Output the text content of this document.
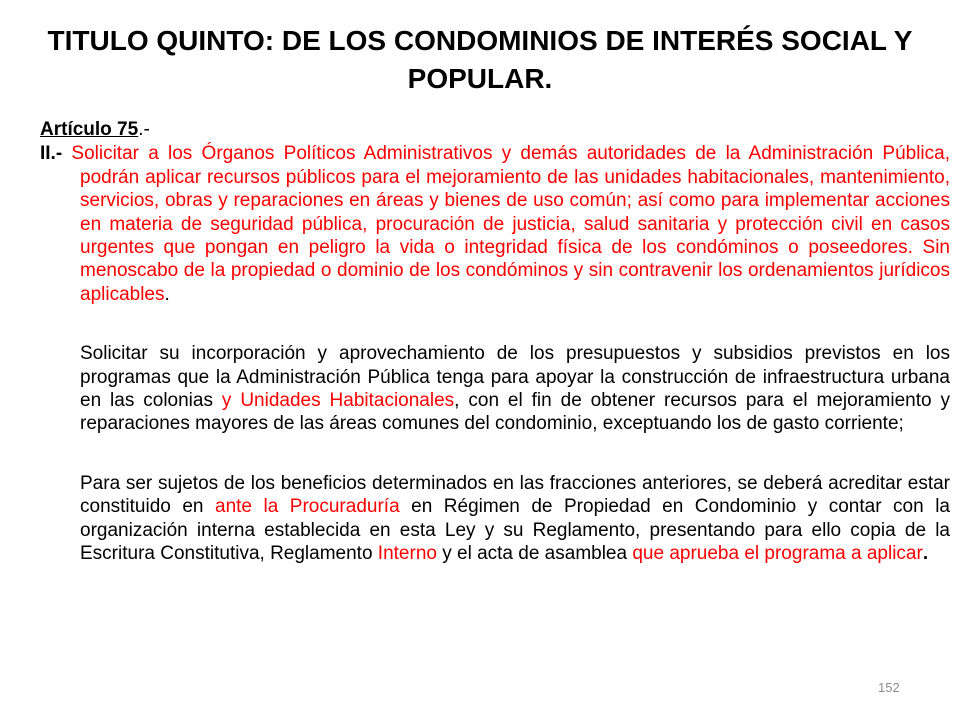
TITULO QUINTO: DE LOS CONDOMINIOS DE INTERÉS SOCIAL Y POPULAR.

Artículo 75.-

II.- Solicitar a los Órganos Políticos Administrativos y demás autoridades de la Administración Pública, podrán aplicar recursos públicos para el mejoramiento de las unidades habitacionales, mantenimiento, servicios, obras y reparaciones en áreas y bienes de uso común; así como para implementar acciones en materia de seguridad pública, procuración de justicia, salud sanitaria y protección civil en casos urgentes que pongan en peligro la vida o integridad física de los condóminos o poseedores. Sin menoscabo de la propiedad o dominio de los condóminos y sin contravenir los ordenamientos jurídicos aplicables.

Solicitar su incorporación y aprovechamiento de los presupuestos y subsidios previstos en los programas que la Administración Pública tenga para apoyar la construcción de infraestructura urbana en las colonias y Unidades Habitacionales, con el fin de obtener recursos para el mejoramiento y reparaciones mayores de las áreas comunes del condominio, exceptuando los de gasto corriente;

Para ser sujetos de los beneficios determinados en las fracciones anteriores, se deberá acreditar estar constituido en ante la Procuraduría en Régimen de Propiedad en Condominio y contar con la organización interna establecida en esta Ley y su Reglamento, presentando para ello copia de la Escritura Constitutiva, Reglamento Interno y el acta de asamblea que aprueba el programa a aplicar.

152
